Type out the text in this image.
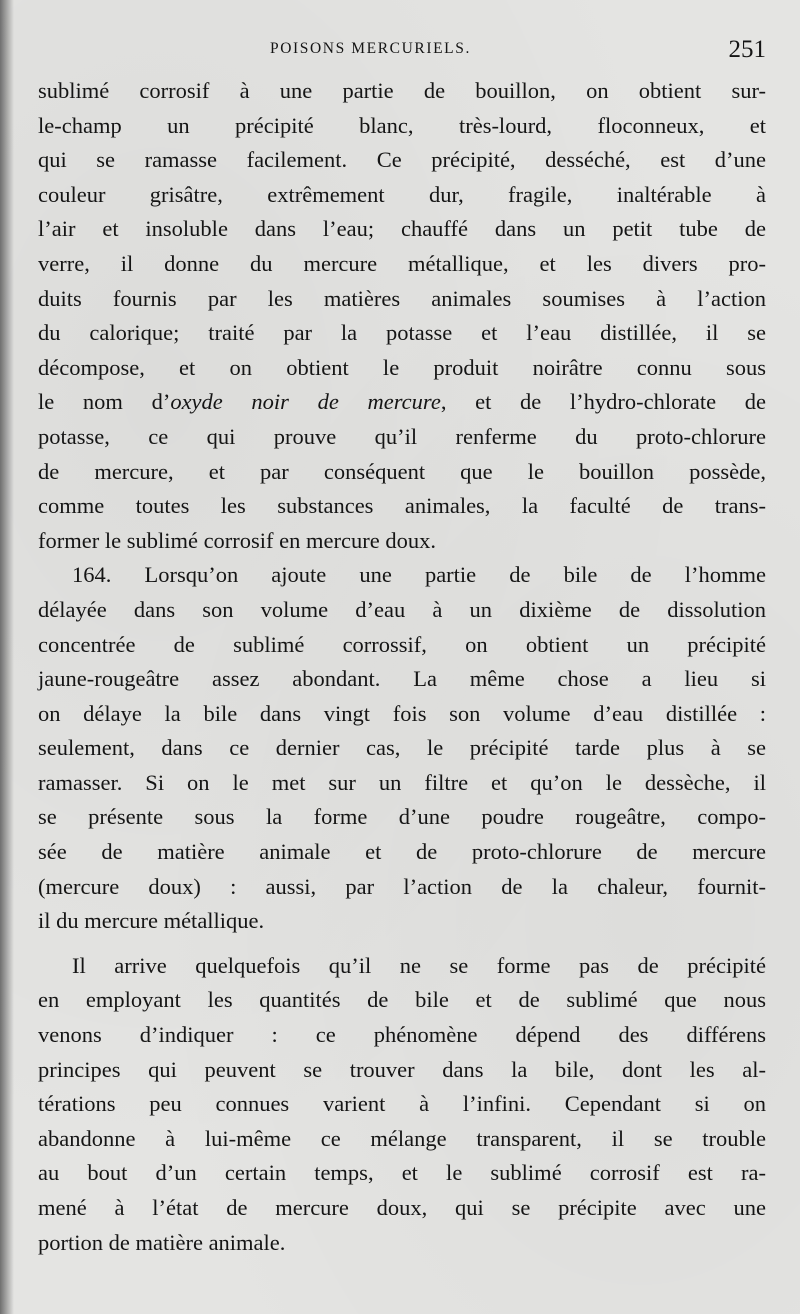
POISONS MERCURIELS.	251
sublimé corrosif à une partie de bouillon, on obtient sur-
le-champ un précipité blanc, très-lourd, floconneux, et
qui se ramasse facilement. Ce précipité, desséché, est d’une
couleur grisâtre, extrêmement dur, fragile, inaltérable à
l’air et insoluble dans l’eau; chauffé dans un petit tube de
verre, il donne du mercure métallique, et les divers pro-
duits fournis par les matières animales soumises à l’action
du calorique; traité par la potasse et l’eau distillée, il se
décompose, et on obtient le produit noirâtre connu sous
le nom d’oxyde noir de mercure, et de l’hydro-chlorate de
potasse, ce qui prouve qu’il renferme du proto-chlorure
de mercure, et par conséquent que le bouillon possède,
comme toutes les substances animales, la faculté de trans-
former le sublimé corrosif en mercure doux.
164. Lorsqu’on ajoute une partie de bile de l’homme
délayée dans son volume d’eau à un dixième de dissolution
concentrée de sublimé corrossif, on obtient un précipité
jaune-rougeâtre assez abondant. La même chose a lieu si
on délaye la bile dans vingt fois son volume d’eau distillée :
seulement, dans ce dernier cas, le précipité tarde plus à se
ramasser. Si on le met sur un filtre et qu’on le dessèche, il
se présente sous la forme d’une poudre rougeâtre, compo-
sée de matière animale et de proto-chlorure de mercure
(mercure doux) : aussi, par l’action de la chaleur, fournit-
il du mercure métallique.
Il arrive quelquefois qu’il ne se forme pas de précipité
en employant les quantités de bile et de sublimé que nous
venons d’indiquer : ce phénomène dépend des différens
principes qui peuvent se trouver dans la bile, dont les al-
térations peu connues varient à l’infini. Cependant si on
abandonne à lui-même ce mélange transparent, il se trouble
au bout d’un certain temps, et le sublimé corrosif est ra-
mené à l’état de mercure doux, qui se précipite avec une
portion de matière animale.
